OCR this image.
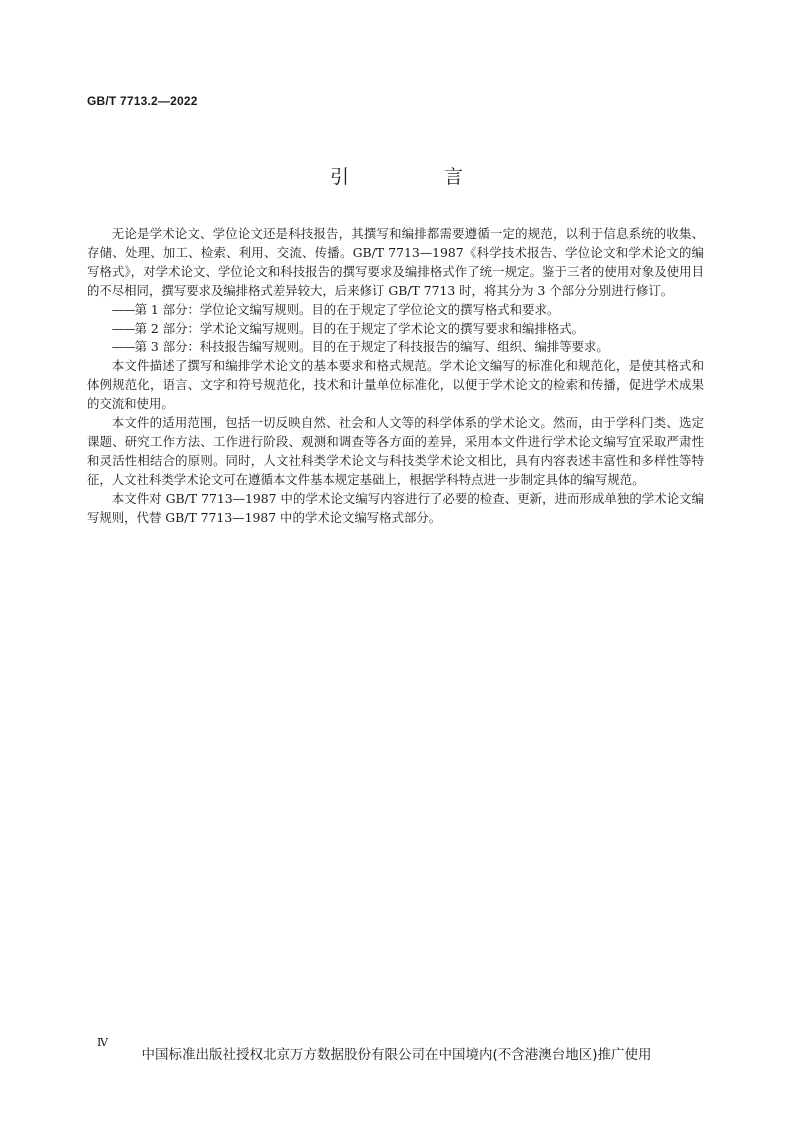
GB/T 7713.2—2022
引　言

无论是学术论文、学位论文还是科技报告，其撰写和编排都需要遵循一定的规范，以利于信息系统的收集、存储、处理、加工、检索、利用、交流、传播。GB/T 7713—1987《科学技术报告、学位论文和学术论文的编写格式》，对学术论文、学位论文和科技报告的撰写要求及编排格式作了统一规定。鉴于三者的使用对象及使用目的不尽相同，撰写要求及编排格式差异较大，后来修订 GB/T 7713 时，将其分为 3 个部分分别进行修订。

——第 1 部分：学位论文编写规则。目的在于规定了学位论文的撰写格式和要求。

——第 2 部分：学术论文编写规则。目的在于规定了学术论文的撰写要求和编排格式。

——第 3 部分：科技报告编写规则。目的在于规定了科技报告的编写、组织、编排等要求。

本文件描述了撰写和编排学术论文的基本要求和格式规范。学术论文编写的标准化和规范化，是使其格式和体例规范化，语言、文字和符号规范化，技术和计量单位标准化，以便于学术论文的检索和传播，促进学术成果的交流和使用。

本文件的适用范围，包括一切反映自然、社会和人文等的科学体系的学术论文。然而，由于学科门类、选定课题、研究工作方法、工作进行阶段、观测和调查等各方面的差异，采用本文件进行学术论文编写宜采取严肃性和灵活性相结合的原则。同时，人文社科类学术论文与科技类学术论文相比，具有内容表述丰富性和多样性等特征，人文社科类学术论文可在遵循本文件基本规定基础上，根据学科特点进一步制定具体的编写规范。

本文件对 GB/T 7713—1987 中的学术论文编写内容进行了必要的检查、更新，进而形成单独的学术论文编写规则，代替 GB/T 7713—1987 中的学术论文编写格式部分。

Ⅳ
中国标准出版社授权北京万方数据股份有限公司在中国境内(不含港澳台地区)推广使用
